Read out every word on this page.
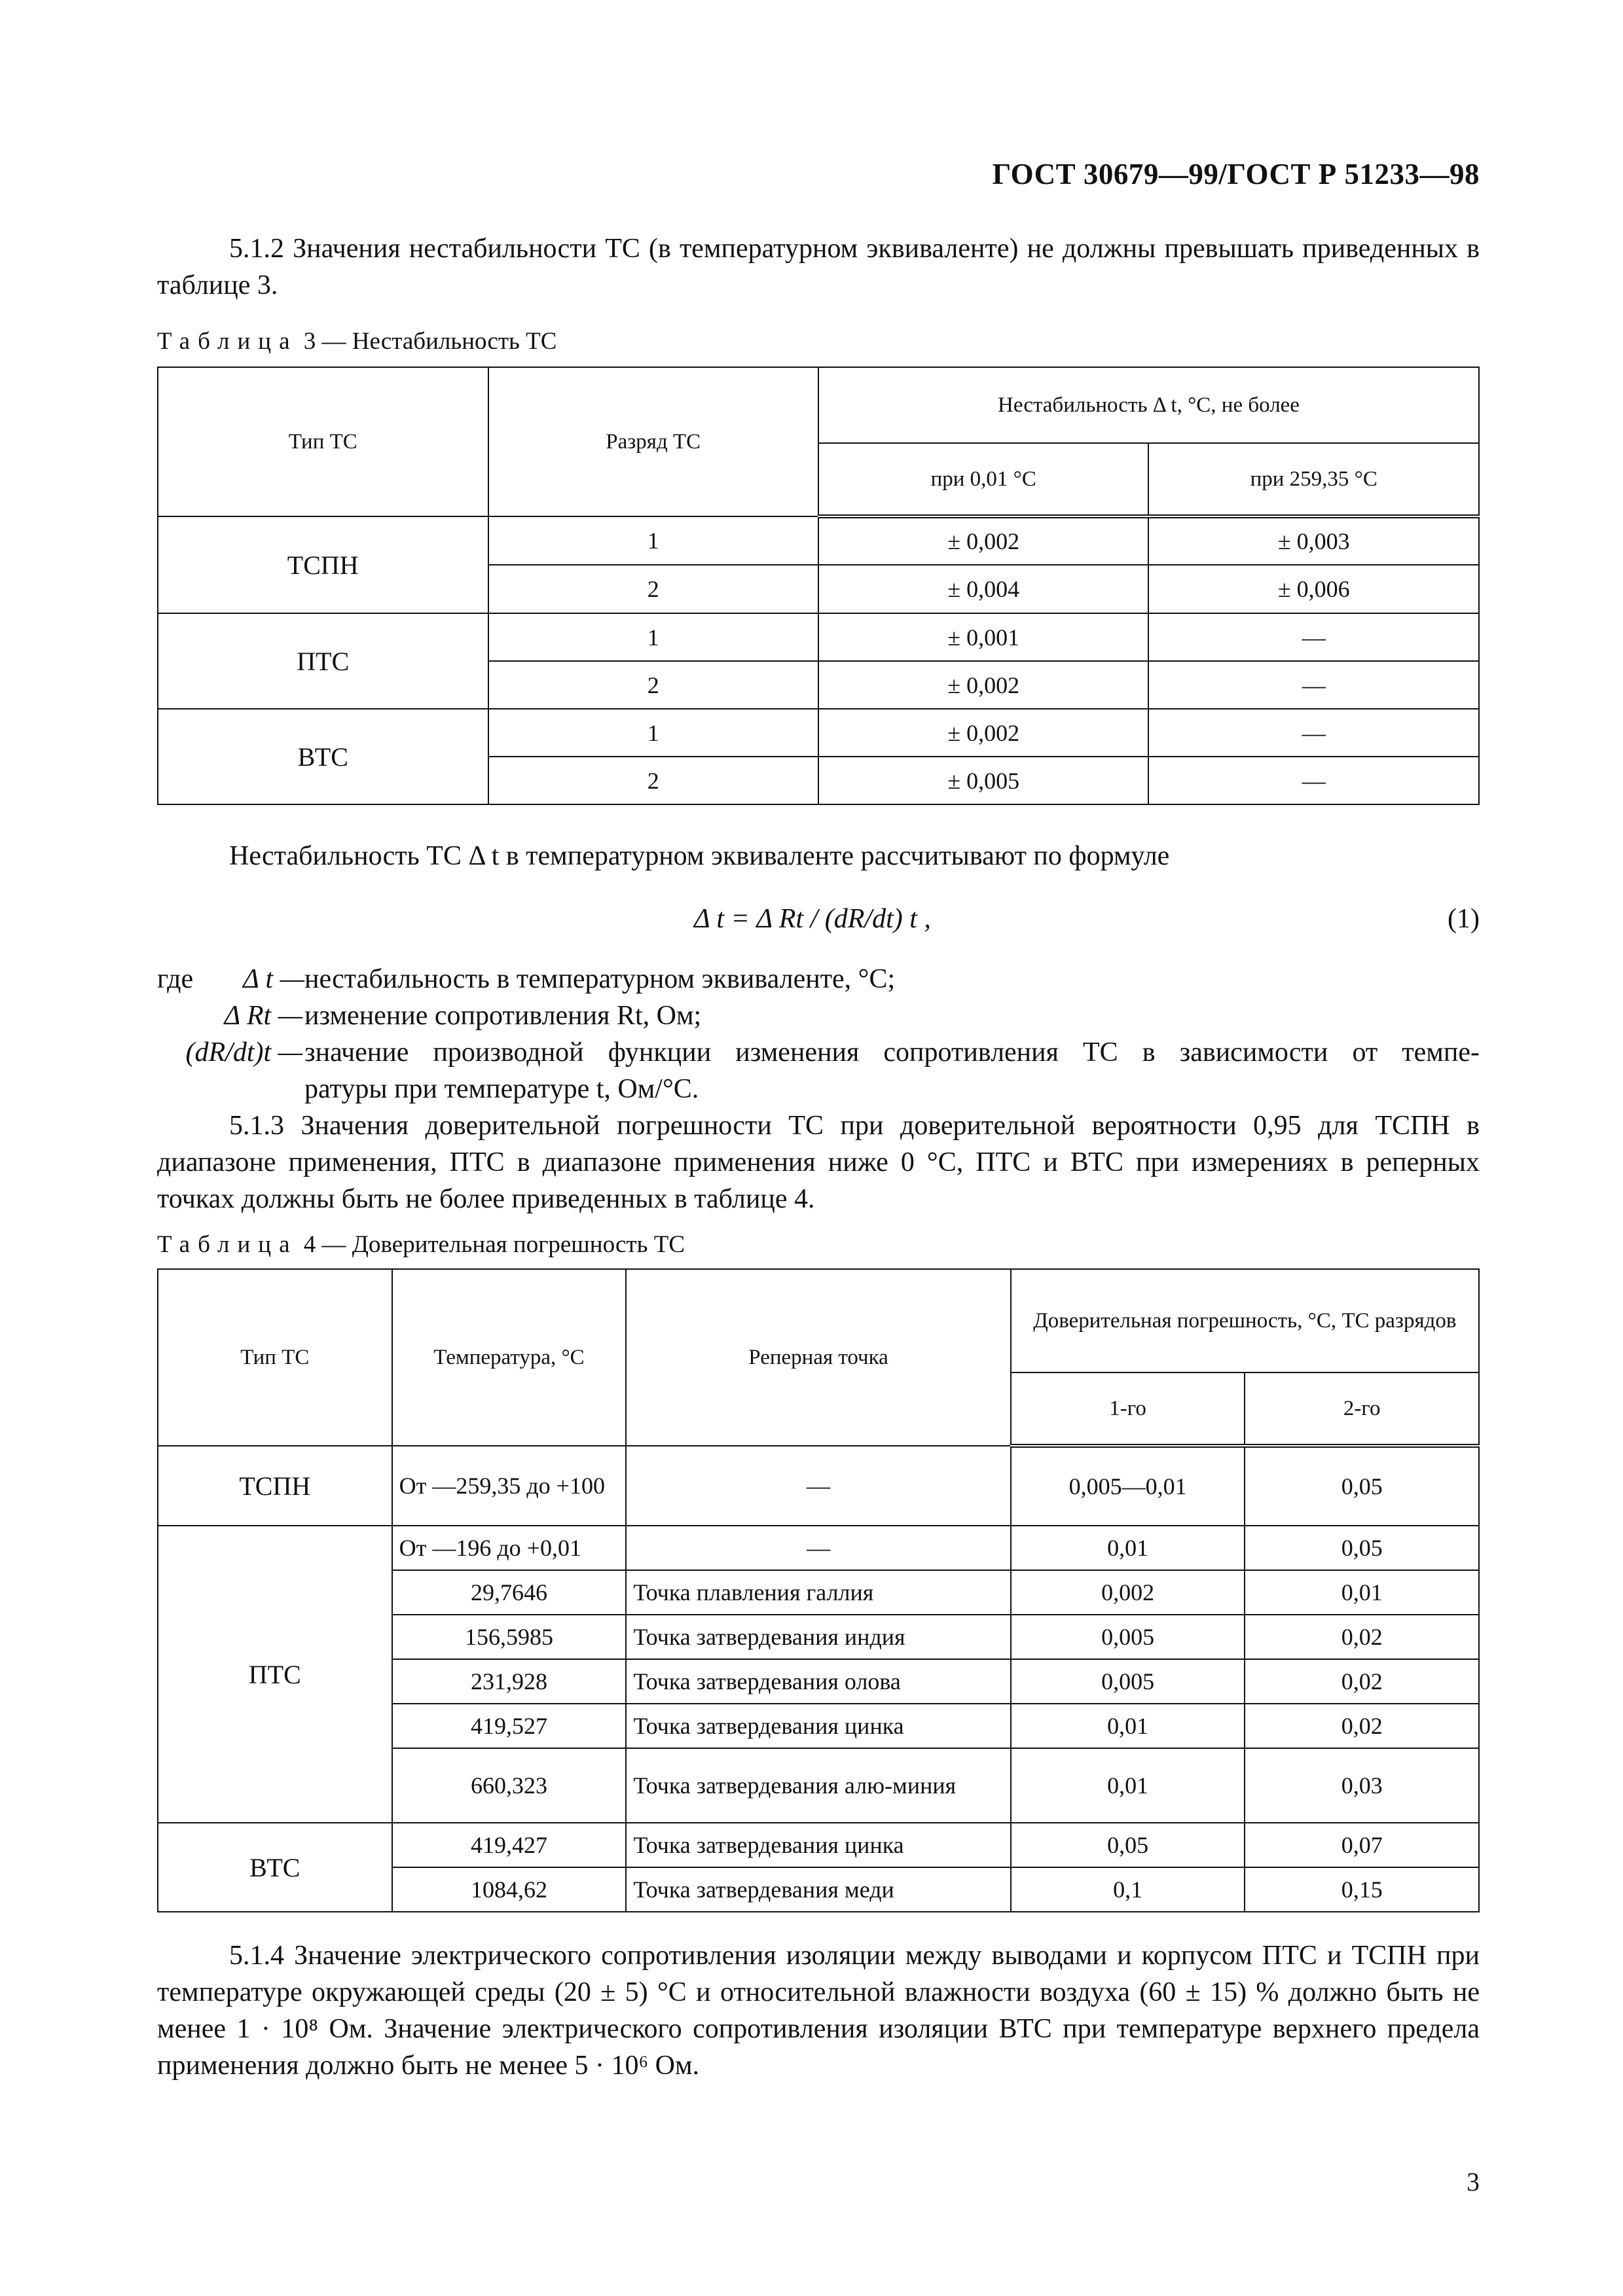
ГОСТ 30679—99/ГОСТ Р 51233—98

5.1.2 Значения нестабильности ТС (в температурном эквиваленте) не должны превышать приведенных в таблице 3.

Таблица 3 — Нестабильность ТС
Тип ТС	Разряд ТС	Нестабильность Δ t, °С, не более	
		при 0,01 °С	при 259,35 °С
ТСПН	1	± 0,002	± 0,003
	2	± 0,004	± 0,006
ПТС	1	± 0,001	—
	2	± 0,002	—
ВТС	1	± 0,002	—
	2	± 0,005	—

Нестабильность ТС Δ t в температурном эквиваленте рассчитывают по формуле

Δ t = Δ Rt / (dR/dt) t ,	(1)
где	Δ t — нестабильность в температурном эквиваленте, °С;
Δ Rt — изменение сопротивления Rt, Ом;
(dR/dt)t — значение производной функции изменения сопротивления ТС в зависимости от темпе-
ратуры при температуре t, Ом/°С.

5.1.3 Значения доверительной погрешности ТС при доверительной вероятности 0,95 для ТСПН в диапазоне применения, ПТС в диапазоне применения ниже 0 °С, ПТС и ВТС при измерениях в реперных точках должны быть не более приведенных в таблице 4.

Таблица 4 — Доверительная погрешность ТС
Тип ТС	Температура, °С	Реперная точка	Доверительная погрешность, °С, ТС разрядов	
			1-го	2-го
ТСПН	От —259,35 до +100	—	0,005—0,01	0,05
ПТС	От —196 до +0,01	—	0,01	0,05
	29,7646	Точка плавления галлия	0,002	0,01
	156,5985	Точка затвердевания индия	0,005	0,02
	231,928	Точка затвердевания олова	0,005	0,02
	419,527	Точка затвердевания цинка	0,01	0,02
	660,323	Точка затвердевания алю-миния	0,01	0,03
ВТС	419,427	Точка затвердевания цинка	0,05	0,07
	1084,62	Точка затвердевания меди	0,1	0,15

5.1.4 Значение электрического сопротивления изоляции между выводами и корпусом ПТС и ТСПН при температуре окружающей среды (20 ± 5) °С и относительной влажности воздуха (60 ± 15) % должно быть не менее 1 · 10⁸ Ом. Значение электрического сопротивления изоляции ВТС при температуре верхнего предела применения должно быть не менее 5 · 10⁶ Ом.

3
